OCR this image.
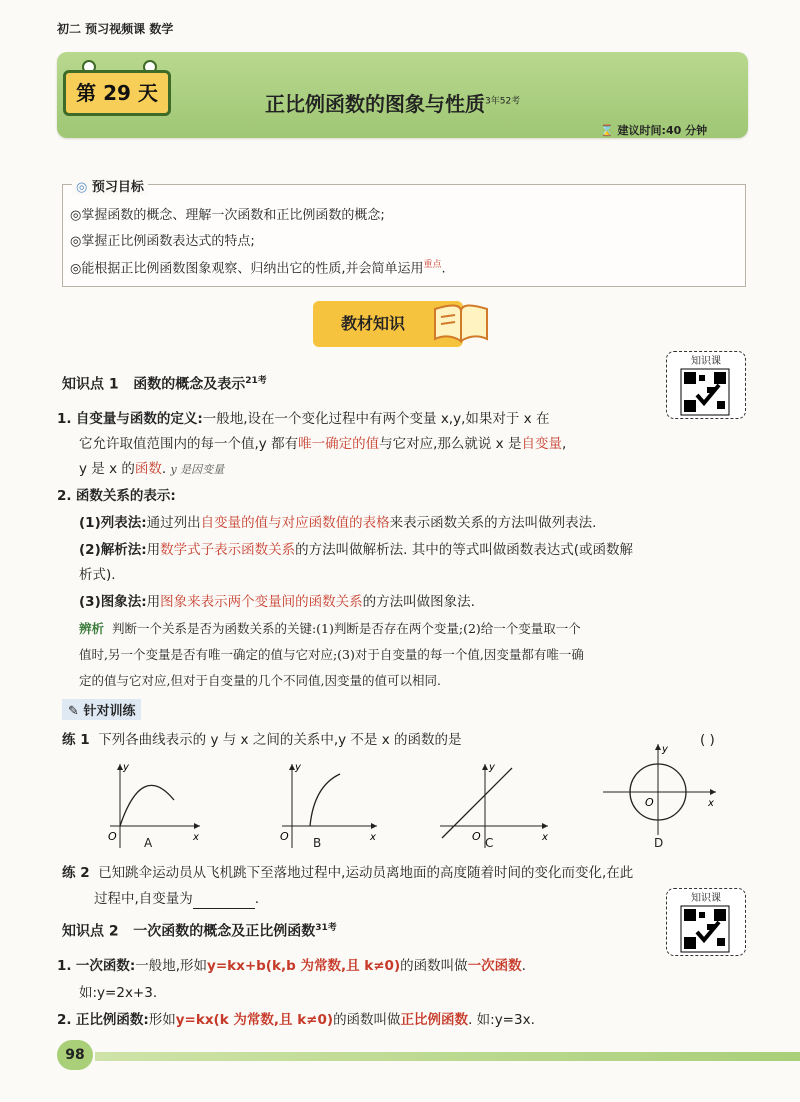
初二 预习视频课 数学
第 29 天	正比例函数的图象与性质$^{3年52考}$
⌛ 建议时间:40 分钟
◎ 预习目标
◎掌握函数的概念、理解一次函数和正比例函数的概念;
◎掌握正比例函数表达式的特点;
◎能根据正比例函数图象观察、归纳出它的性质,并会简单运用$^{重点}$.
教材知识
知识课
知识点 1 函数的概念及表示$^{21考}$
1. 自变量与函数的定义:一般地,设在一个变化过程中有两个变量 x,y,如果对于 x 在
它允许取值范围内的每一个值,y 都有唯一确定的值与它对应,那么就说 x 是自变量,
y 是 x 的函数. y 是因变量
2. 函数关系的表示:
(1)列表法:通过列出自变量的值与对应函数值的表格来表示函数关系的方法叫做列表法.
(2)解析法:用数学式子表示函数关系的方法叫做解析法. 其中的等式叫做函数表达式(或函数解
析式).
(3)图象法:用图象来表示两个变量间的函数关系的方法叫做图象法.
辨析 判断一个关系是否为函数关系的关键:(1)判断是否存在两个变量;(2)给一个变量取一个
值时,另一个变量是否有唯一确定的值与它对应;(3)对于自变量的每一个值,因变量都有唯一确
定的值与它对应,但对于自变量的几个不同值,因变量的值可以相同.
✎ 针对训练
练 1 下列各曲线表示的 y 与 x 之间的关系中,y 不是 x 的函数的是	( )
y
x
O A
y
x
O B
y
x
O C
y
x
O
D
练 2 已知跳伞运动员从飞机跳下至落地过程中,运动员离地面的高度随着时间的变化而变化,在此
过程中,自变量为	.	知识课
知识点 2 一次函数的概念及正比例函数$^{31考}$
1. 一次函数:一般地,形如y=kx+b(k,b 为常数,且 k≠0)的函数叫做一次函数.
如:y=2x+3.
2. 正比例函数:形如y=kx(k 为常数,且 k≠0)的函数叫做正比例函数. 如:y=3x.
98
